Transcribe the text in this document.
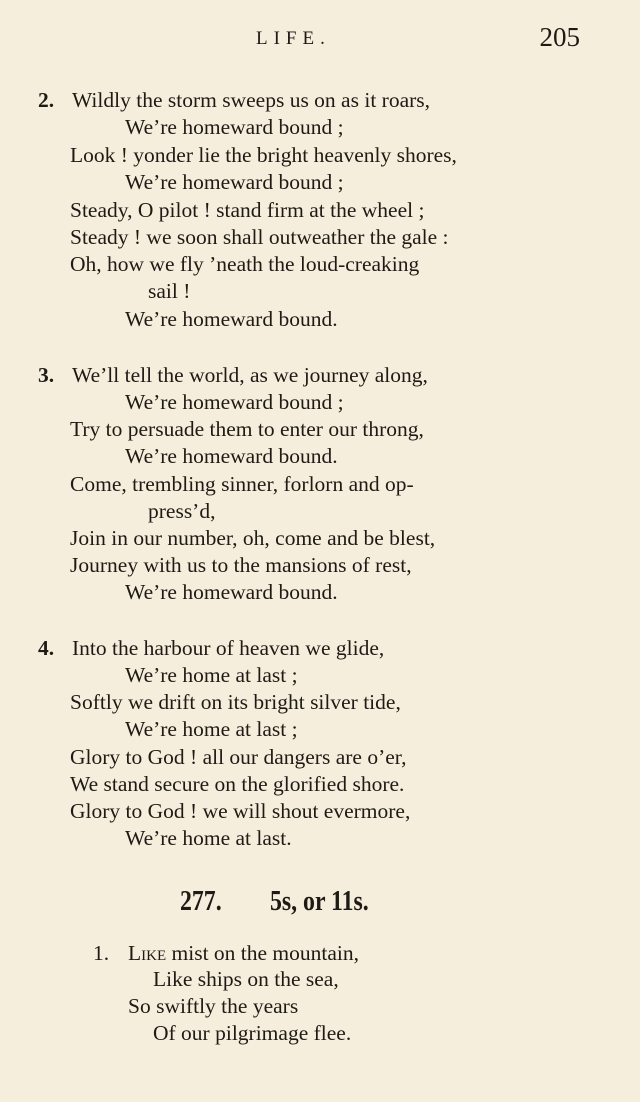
LIFE.	205
2. Wildly the storm sweeps us on as it roars,
We’re homeward bound ;
Look ! yonder lie the bright heavenly shores,
We’re homeward bound ;
Steady, O pilot ! stand firm at the wheel ;
Steady ! we soon shall outweather the gale :
Oh, how we fly ’neath the loud-creaking
sail !
We’re homeward bound.
3. We’ll tell the world, as we journey along,
We’re homeward bound ;
Try to persuade them to enter our throng,
We’re homeward bound.
Come, trembling sinner, forlorn and op-
press’d,
Join in our number, oh, come and be blest,
Journey with us to the mansions of rest,
We’re homeward bound.
4. Into the harbour of heaven we glide,
We’re home at last ;
Softly we drift on its bright silver tide,
We’re home at last ;
Glory to God ! all our dangers are o’er,
We stand secure on the glorified shore.
Glory to God ! we will shout evermore,
We’re home at last.
277. 5s, or 11s.
1. Like mist on the mountain,
Like ships on the sea,
So swiftly the years
Of our pilgrimage flee.
